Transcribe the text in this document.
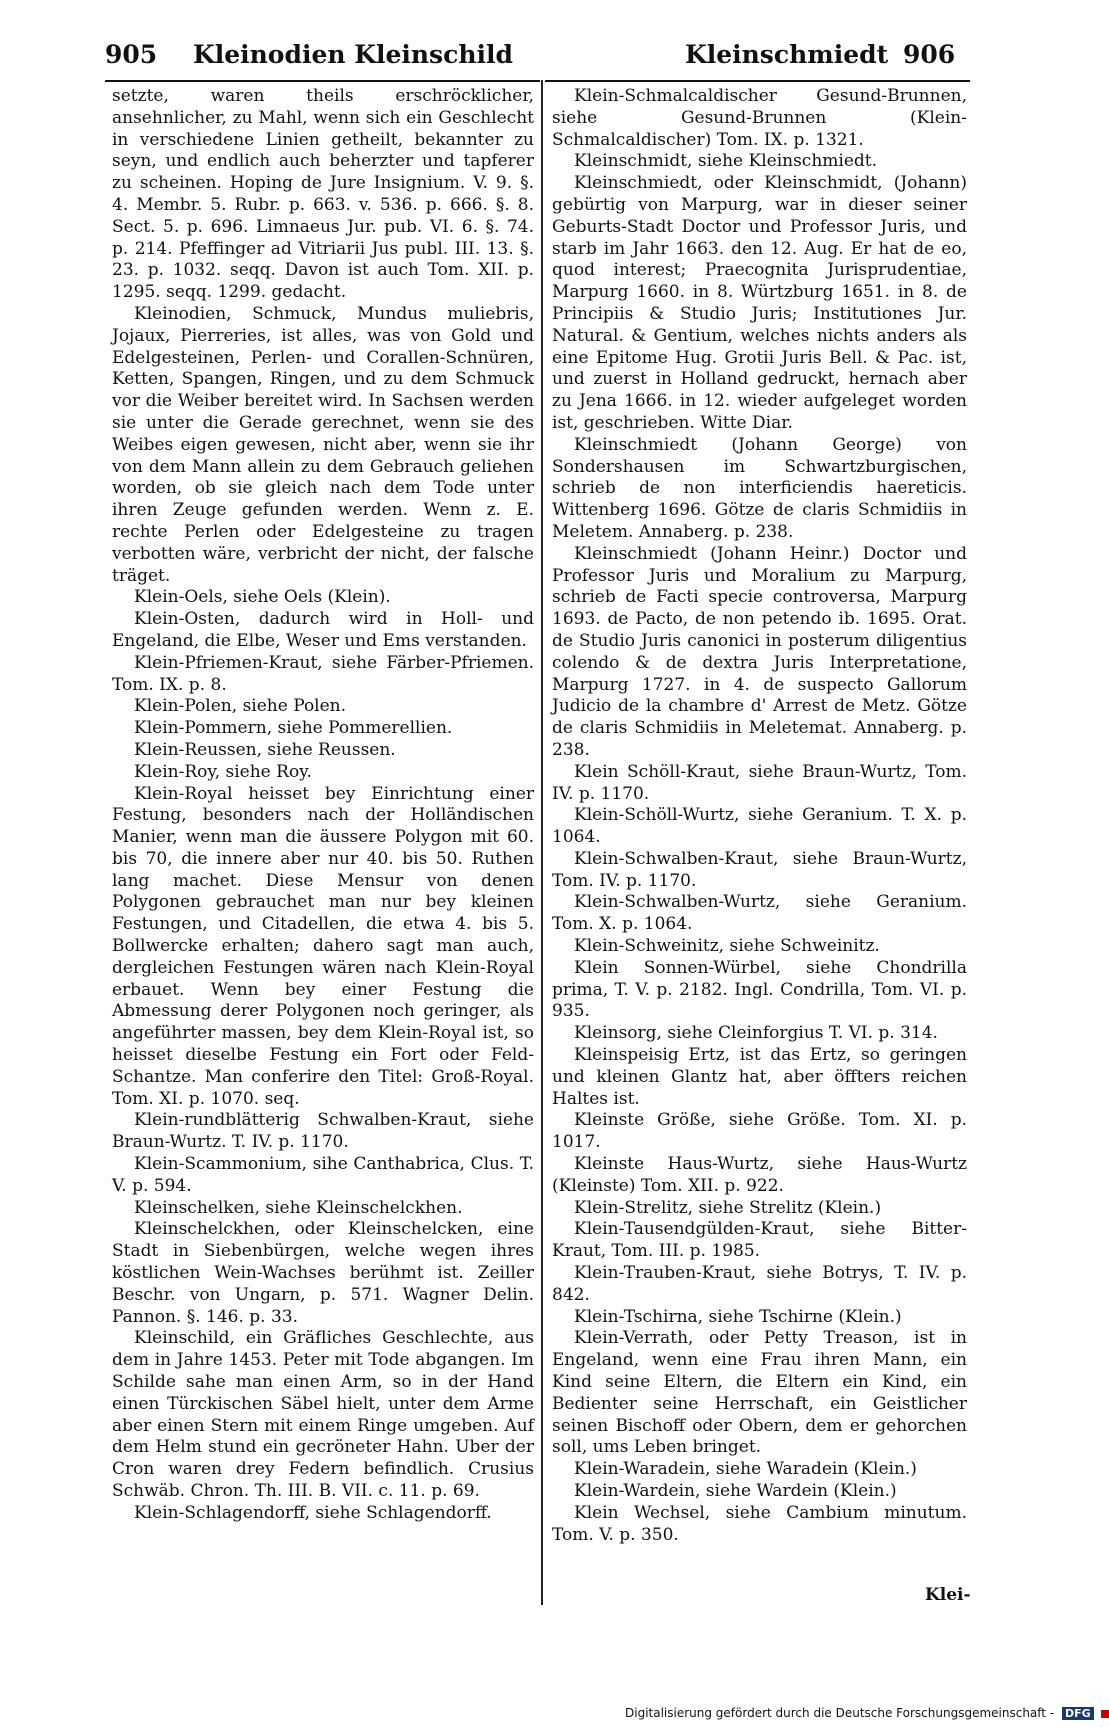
905 Kleinodien Kleinschild	Kleinschmiedt 906

setzte, waren theils erschröcklicher, ansehnlicher, zu Mahl, wenn sich ein Geschlecht in verschiedene Linien getheilt, bekannter zu seyn, und endlich auch beherzter und tapferer zu scheinen. Hoping de Jure Insignium. V. 9. §. 4. Membr. 5. Rubr. p. 663. v. 536. p. 666. §. 8. Sect. 5. p. 696. Limnaeus Jur. pub. VI. 6. §. 74. p. 214. Pfeffinger ad Vitriarii Jus publ. III. 13. §. 23. p. 1032. seqq. Davon ist auch Tom. XII. p. 1295. seqq. 1299. gedacht.

Kleinodien, Schmuck, Mundus muliebris, Jojaux, Pierreries, ist alles, was von Gold und Edelgesteinen, Perlen- und Corallen-Schnüren, Ketten, Spangen, Ringen, und zu dem Schmuck vor die Weiber bereitet wird. In Sachsen werden sie unter die Gerade gerechnet, wenn sie des Weibes eigen gewesen, nicht aber, wenn sie ihr von dem Mann allein zu dem Gebrauch geliehen worden, ob sie gleich nach dem Tode unter ihren Zeuge gefunden werden. Wenn z. E. rechte Perlen oder Edelgesteine zu tragen verbotten wäre, verbricht der nicht, der falsche träget.

Klein-Oels, siehe Oels (Klein).

Klein-Osten, dadurch wird in Holl- und Engeland, die Elbe, Weser und Ems verstanden.

Klein-Pfriemen-Kraut, siehe Färber-Pfriemen. Tom. IX. p. 8.

Klein-Polen, siehe Polen.

Klein-Pommern, siehe Pommerellien.

Klein-Reussen, siehe Reussen.

Klein-Roy, siehe Roy.

Klein-Royal heisset bey Einrichtung einer Festung, besonders nach der Holländischen Manier, wenn man die äussere Polygon mit 60. bis 70, die innere aber nur 40. bis 50. Ruthen lang machet. Diese Mensur von denen Polygonen gebrauchet man nur bey kleinen Festungen, und Citadellen, die etwa 4. bis 5. Bollwercke erhalten; dahero sagt man auch, dergleichen Festungen wären nach Klein-Royal erbauet. Wenn bey einer Festung die Abmessung derer Polygonen noch geringer, als angeführter massen, bey dem Klein-Royal ist, so heisset dieselbe Festung ein Fort oder Feld-Schantze. Man conferire den Titel: Groß-Royal. Tom. XI. p. 1070. seq.

Klein-rundblätterig Schwalben-Kraut, siehe Braun-Wurtz. T. IV. p. 1170.

Klein-Scammonium, sihe Canthabrica, Clus. T. V. p. 594.

Kleinschelken, siehe Kleinschelckhen.

Kleinschelckhen, oder Kleinschelcken, eine Stadt in Siebenbürgen, welche wegen ihres köstlichen Wein-Wachses berühmt ist. Zeiller Beschr. von Ungarn, p. 571. Wagner Delin. Pannon. §. 146. p. 33.

Kleinschild, ein Gräfliches Geschlechte, aus dem in Jahre 1453. Peter mit Tode abgangen. Im Schilde sahe man einen Arm, so in der Hand einen Türckischen Säbel hielt, unter dem Arme aber einen Stern mit einem Ringe umgeben. Auf dem Helm stund ein gecröneter Hahn. Uber der Cron waren drey Federn befindlich. Crusius Schwäb. Chron. Th. III. B. VII. c. 11. p. 69.

Klein-Schlagendorff, siehe Schlagendorff.

Klein-Schmalcaldischer Gesund-Brunnen, siehe Gesund-Brunnen (Klein-Schmalcaldischer) Tom. IX. p. 1321.

Kleinschmidt, siehe Kleinschmiedt.

Kleinschmiedt, oder Kleinschmidt, (Johann) gebürtig von Marpurg, war in dieser seiner Geburts-Stadt Doctor und Professor Juris, und starb im Jahr 1663. den 12. Aug. Er hat de eo, quod interest; Praecognita Jurisprudentiae, Marpurg 1660. in 8. Würtzburg 1651. in 8. de Principiis & Studio Juris; Institutiones Jur. Natural. & Gentium, welches nichts anders als eine Epitome Hug. Grotii Juris Bell. & Pac. ist, und zuerst in Holland gedruckt, hernach aber zu Jena 1666. in 12. wieder aufgeleget worden ist, geschrieben. Witte Diar.

Kleinschmiedt (Johann George) von Sondershausen im Schwartzburgischen, schrieb de non interficiendis haereticis. Wittenberg 1696. Götze de claris Schmidiis in Meletem. Annaberg. p. 238.

Kleinschmiedt (Johann Heinr.) Doctor und Professor Juris und Moralium zu Marpurg, schrieb de Facti specie controversa, Marpurg 1693. de Pacto, de non petendo ib. 1695. Orat. de Studio Juris canonici in posterum diligentius colendo & de dextra Juris Interpretatione, Marpurg 1727. in 4. de suspecto Gallorum Judicio de la chambre d' Arrest de Metz. Götze de claris Schmidiis in Meletemat. Annaberg. p. 238.

Klein Schöll-Kraut, siehe Braun-Wurtz, Tom. IV. p. 1170.

Klein-Schöll-Wurtz, siehe Geranium. T. X. p. 1064.

Klein-Schwalben-Kraut, siehe Braun-Wurtz, Tom. IV. p. 1170.

Klein-Schwalben-Wurtz, siehe Geranium. Tom. X. p. 1064.

Klein-Schweinitz, siehe Schweinitz.

Klein Sonnen-Würbel, siehe Chondrilla prima, T. V. p. 2182. Ingl. Condrilla, Tom. VI. p. 935.

Kleinsorg, siehe Cleinforgius T. VI. p. 314.

Kleinspeisig Ertz, ist das Ertz, so geringen und kleinen Glantz hat, aber öffters reichen Haltes ist.

Kleinste Größe, siehe Größe. Tom. XI. p. 1017.

Kleinste Haus-Wurtz, siehe Haus-Wurtz (Kleinste) Tom. XII. p. 922.

Klein-Strelitz, siehe Strelitz (Klein.)

Klein-Tausendgülden-Kraut, siehe Bitter-Kraut, Tom. III. p. 1985.

Klein-Trauben-Kraut, siehe Botrys, T. IV. p. 842.

Klein-Tschirna, siehe Tschirne (Klein.)

Klein-Verrath, oder Petty Treason, ist in Engeland, wenn eine Frau ihren Mann, ein Kind seine Eltern, die Eltern ein Kind, ein Bedienter seine Herrschaft, ein Geistlicher seinen Bischoff oder Obern, dem er gehorchen soll, ums Leben bringet.

Klein-Waradein, siehe Waradein (Klein.)

Klein-Wardein, siehe Wardein (Klein.)

Klein Wechsel, siehe Cambium minutum. Tom. V. p. 350.

Klei-
Digitalisierung gefördert durch die Deutsche Forschungsgemeinschaft - DFG
